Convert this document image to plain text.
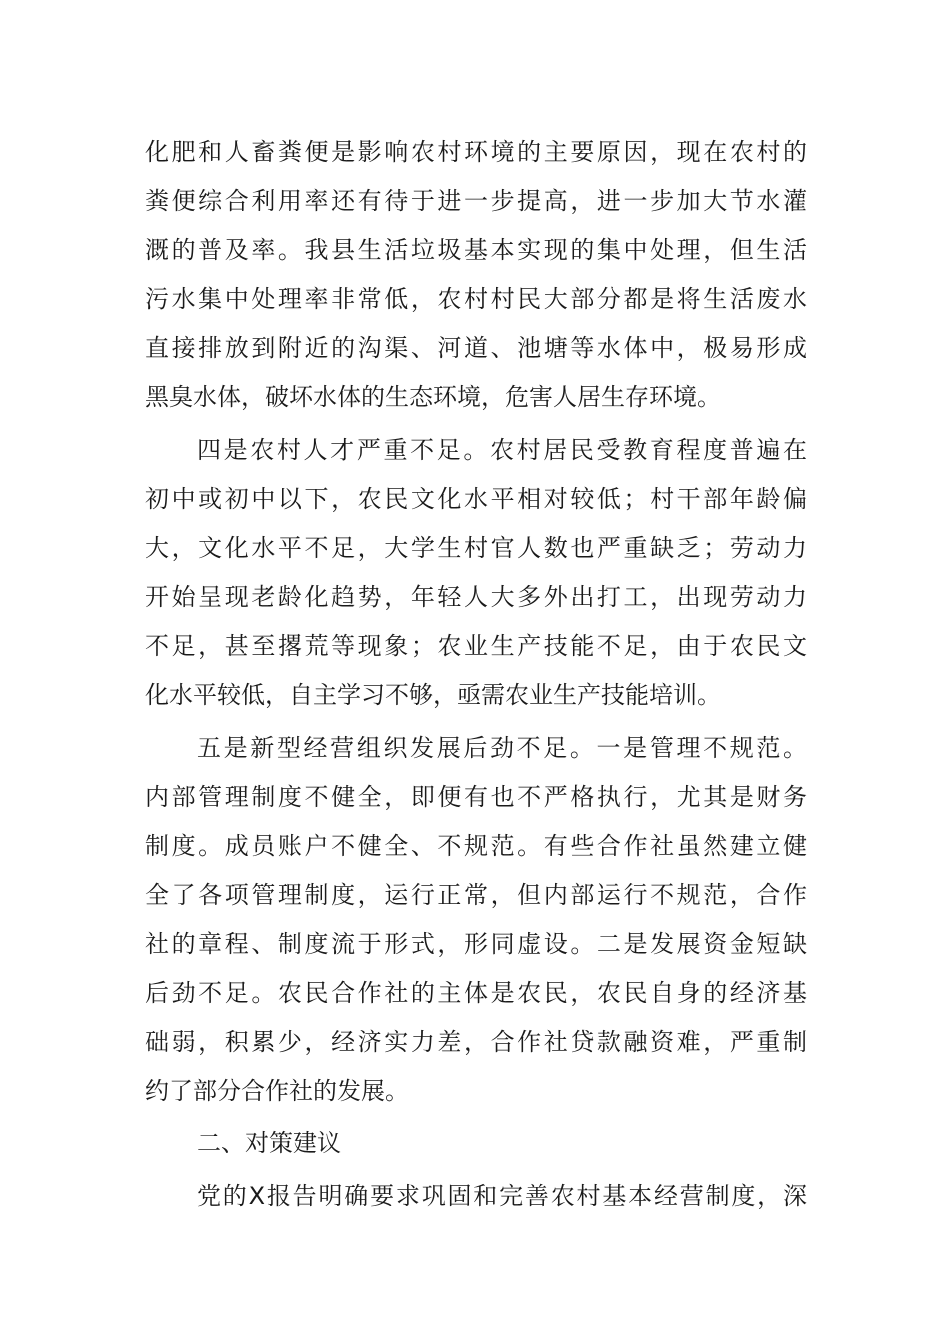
化肥和人畜粪便是影响农村环境的主要原因，现在农村的
粪便综合利用率还有待于进一步提高，进一步加大节水灌
溉的普及率。我县生活垃圾基本实现的集中处理，但生活
污水集中处理率非常低，农村村民大部分都是将生活废水
直接排放到附近的沟渠、河道、池塘等水体中，极易形成
黑臭水体，破坏水体的生态环境，危害人居生存环境。
四是农村人才严重不足。农村居民受教育程度普遍在
初中或初中以下，农民文化水平相对较低；村干部年龄偏
大，文化水平不足，大学生村官人数也严重缺乏；劳动力
开始呈现老龄化趋势，年轻人大多外出打工，出现劳动力
不足，甚至撂荒等现象；农业生产技能不足，由于农民文
化水平较低，自主学习不够，亟需农业生产技能培训。
五是新型经营组织发展后劲不足。一是管理不规范。
内部管理制度不健全，即便有也不严格执行，尤其是财务
制度。成员账户不健全、不规范。有些合作社虽然建立健
全了各项管理制度，运行正常，但内部运行不规范，合作
社的章程、制度流于形式，形同虚设。二是发展资金短缺
后劲不足。农民合作社的主体是农民，农民自身的经济基
础弱，积累少，经济实力差，合作社贷款融资难，严重制
约了部分合作社的发展。
二、对策建议
党的X报告明确要求巩固和完善农村基本经营制度，深
